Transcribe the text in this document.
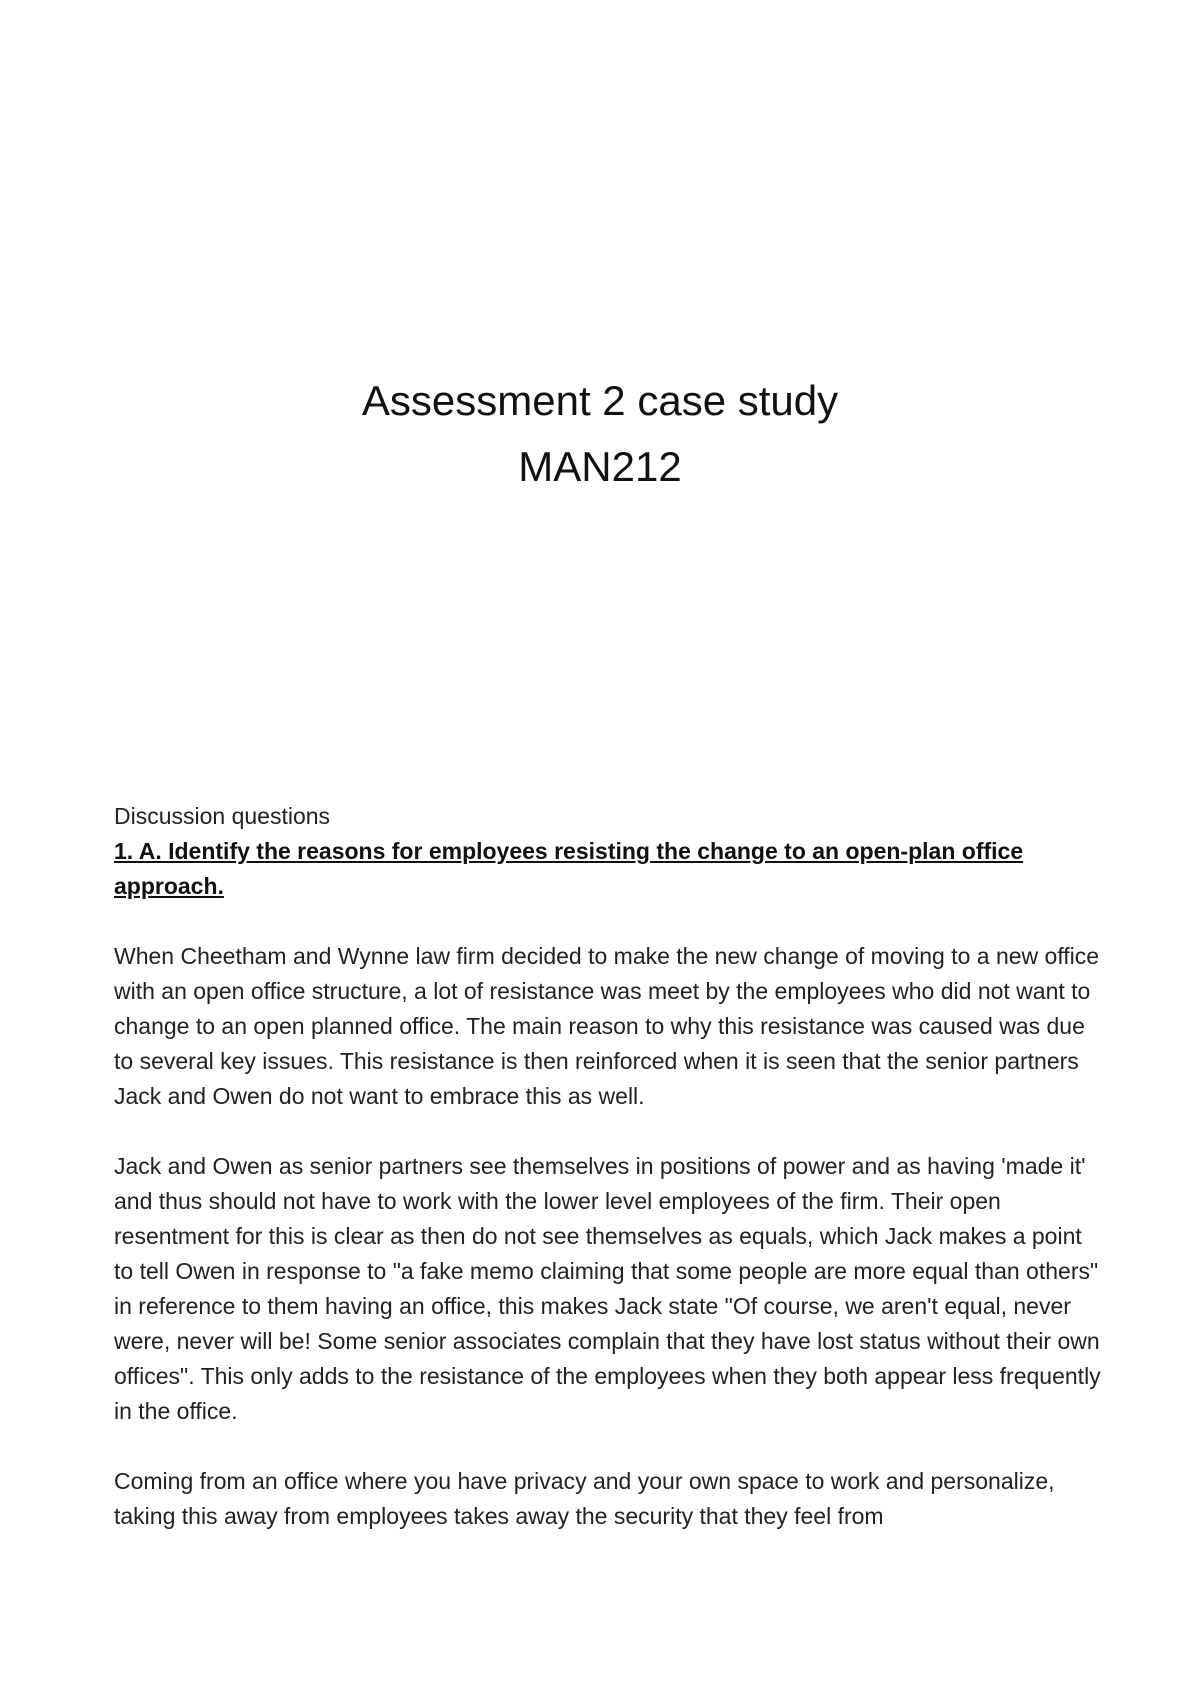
Assessment 2 case study
MAN212

Discussion questions

1. A. Identify the reasons for employees resisting the change to an open-plan office approach.

When Cheetham and Wynne law firm decided to make the new change of moving to a new office with an open office structure, a lot of resistance was meet by the employees who did not want to change to an open planned office. The main reason to why this resistance was caused was due to several key issues. This resistance is then reinforced when it is seen that the senior partners Jack and Owen do not want to embrace this as well.

Jack and Owen as senior partners see themselves in positions of power and as having 'made it' and thus should not have to work with the lower level employees of the firm. Their open resentment for this is clear as then do not see themselves as equals, which Jack makes a point to tell Owen in response to "a fake memo claiming that some people are more equal than others" in reference to them having an office, this makes Jack state "Of course, we aren't equal, never were, never will be! Some senior associates complain that they have lost status without their own offices". This only adds to the resistance of the employees when they both appear less frequently in the office.

Coming from an office where you have privacy and your own space to work and personalize, taking this away from employees takes away the security that they feel from
